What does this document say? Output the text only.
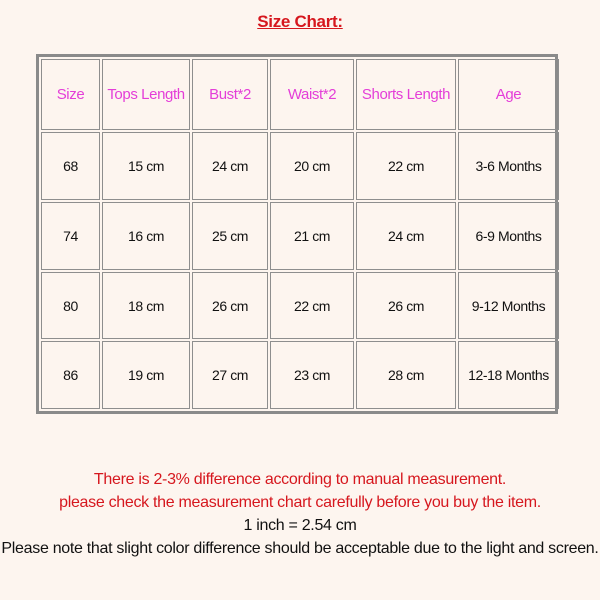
Size Chart:
Size	Tops Length	Bust*2	Waist*2	Shorts Length	Age
68	15 cm	24 cm	20 cm	22 cm	3-6 Months
74	16 cm	25 cm	21 cm	24 cm	6-9 Months
80	18 cm	26 cm	22 cm	26 cm	9-12 Months
86	19 cm	27 cm	23 cm	28 cm	12-18 Months
There is 2-3% difference according to manual measurement.
please check the measurement chart carefully before you buy the item.
1 inch = 2.54 cm
Please note that slight color difference should be acceptable due to the light and screen.
